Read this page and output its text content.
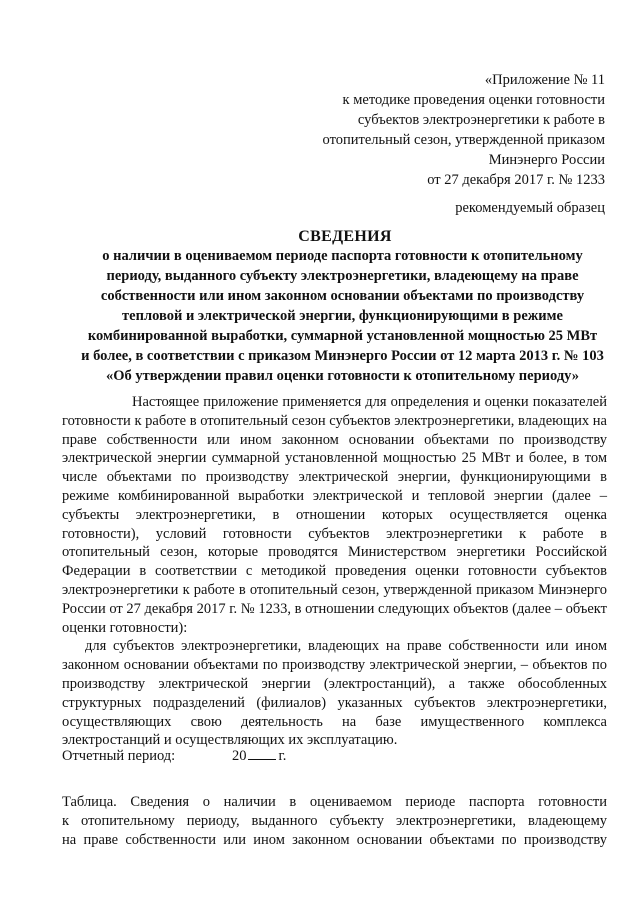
«Приложение № 11
к методике проведения оценки готовности
субъектов электроэнергетики к работе в
отопительный сезон, утвержденной приказом
Минэнерго России
от 27 декабря 2017 г. № 1233
рекомендуемый образец
СВЕДЕНИЯ
о наличии в оцениваемом периоде паспорта готовности к отопительному
периоду, выданного субъекту электроэнергетики, владеющему на праве
собственности или ином законном основании объектами по производству
тепловой и электрической энергии, функционирующими в режиме
комбинированной выработки, суммарной установленной мощностью 25 МВт
и более, в соответствии с приказом Минэнерго России от 12 марта 2013 г. № 103
«Об утверждении правил оценки готовности к отопительному периоду»

Настоящее приложение применяется для определения и оценки показателей готовности к работе в отопительный сезон субъектов электроэнергетики, владеющих на праве собственности или ином законном основании объектами по производству электрической энергии суммарной установленной мощностью 25 МВт и более, в том числе объектами по производству электрической энергии, функционирующими в режиме комбинированной выработки электрической и тепловой энергии (далее – субъекты электроэнергетики, в отношении которых осуществляется оценка готовности), условий готовности субъектов электроэнергетики к работе в отопительный сезон, которые проводятся Министерством энергетики Российской Федерации в соответствии с методикой проведения оценки готовности субъектов электроэнергетики к работе в отопительный сезон, утвержденной приказом Минэнерго России от 27 декабря 2017 г. № 1233, в отношении следующих объектов (далее – объект оценки готовности):

для субъектов электроэнергетики, владеющих на праве собственности или ином законном основании объектами по производству электрической энергии, – объектов по производству электрической энергии (электростанций), а также обособленных структурных подразделений (филиалов) указанных субъектов электроэнергетики, осуществляющих свою деятельность на базе имущественного комплекса электростанций и осуществляющих их эксплуатацию.

Отчетный период:	20 г.

Таблица. Сведения о наличии в оцениваемом периоде паспорта готовности

к отопительному периоду, выданного субъекту электроэнергетики, владеющему

на праве собственности или ином законном основании объектами по производству
